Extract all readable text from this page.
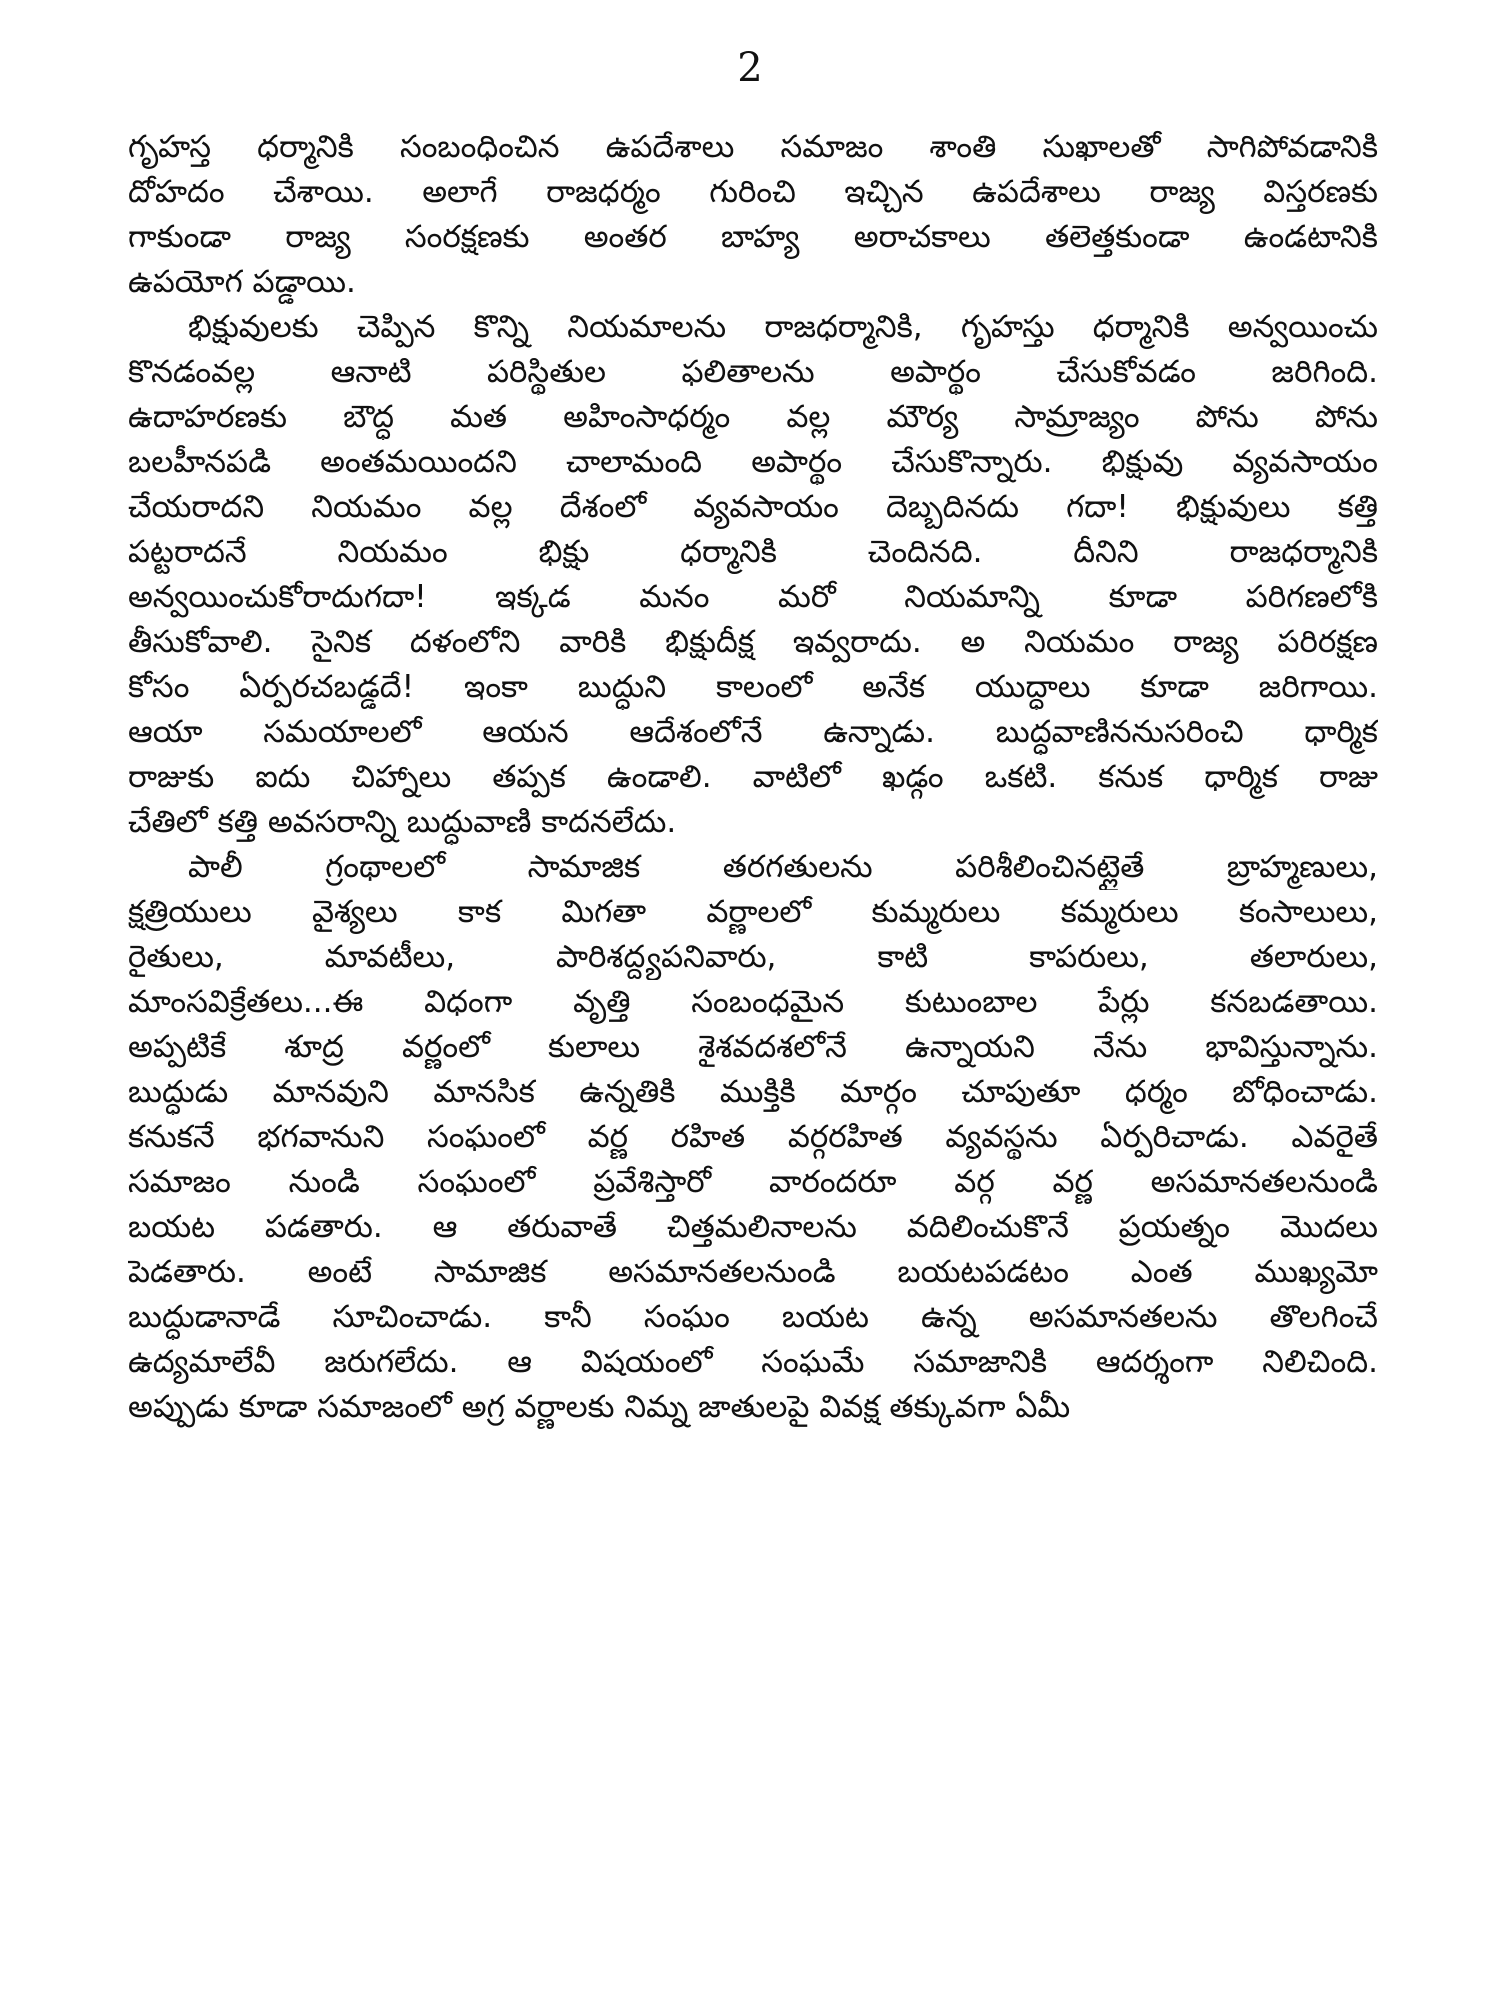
2
గృహస్త ధర్మానికి సంబంధించిన ఉపదేశాలు సమాజం శాంతి సుఖాలతో సాగిపోవడానికి
దోహదం చేశాయి. అలాగే రాజధర్మం గురించి ఇచ్చిన ఉపదేశాలు రాజ్య విస్తరణకు
గాకుండా రాజ్య సంరక్షణకు అంతర బాహ్య అరాచకాలు తలెత్తకుండా ఉండటానికి
ఉపయోగ పడ్డాయి.
భిక్షువులకు చెప్పిన కొన్ని నియమాలను రాజధర్మానికి, గృహస్తు ధర్మానికి అన్వయించు
కొనడంవల్ల ఆనాటి పరిస్థితుల ఫలితాలను అపార్థం చేసుకోవడం జరిగింది.
ఉదాహరణకు బౌద్ధ మత అహింసాధర్మం వల్ల మౌర్య సామ్రాజ్యం పోను పోను
బలహీనపడి అంతమయిందని చాలామంది అపార్థం చేసుకొన్నారు. భిక్షువు వ్యవసాయం
చేయరాదని నియమం వల్ల దేశంలో వ్యవసాయం దెబ్బదినదు గదా! భిక్షువులు కత్తి
పట్టరాదనే నియమం భిక్షు ధర్మానికి చెందినది. దీనిని రాజధర్మానికి
అన్వయించుకోరాదుగదా! ఇక్కడ మనం మరో నియమాన్ని కూడా పరిగణలోకి
తీసుకోవాలి. సైనిక దళంలోని వారికి భిక్షుదీక్ష ఇవ్వరాదు. అ నియమం రాజ్య పరిరక్షణ
కోసం ఏర్పరచబడ్డదే! ఇంకా బుద్ధుని కాలంలో అనేక యుద్ధాలు కూడా జరిగాయి.
ఆయా సమయాలలో ఆయన ఆదేశంలోనే ఉన్నాడు. బుద్ధవాణిననుసరించి ధార్మిక
రాజుకు ఐదు చిహ్నాలు తప్పక ఉండాలి. వాటిలో ఖడ్గం ఒకటి. కనుక ధార్మిక రాజు
చేతిలో కత్తి అవసరాన్ని బుద్ధువాణి కాదనలేదు.
పాలీ గ్రంథాలలో సామాజిక తరగతులను పరిశీలించినట్లైతే బ్రాహ్మణులు,
క్షత్రియులు వైశ్యలు కాక మిగతా వర్ణాలలో కుమ్మరులు కమ్మరులు కంసాలులు,
రైతులు, మావటీలు, పారిశద్ద్యపనివారు, కాటి కాపరులు, తలారులు,
మాంసవిక్రేతలు...ఈ విధంగా వృత్తి సంబంధమైన కుటుంబాల పేర్లు కనబడతాయి.
అప్పటికే శూద్ర వర్ణంలో కులాలు శైశవదశలోనే ఉన్నాయని నేను భావిస్తున్నాను.
బుద్ధుడు మానవుని మానసిక ఉన్నతికి ముక్తికి మార్గం చూపుతూ ధర్మం బోధించాడు.
కనుకనే భగవానుని సంఘంలో వర్ణ రహిత వర్గరహిత వ్యవస్థను ఏర్పరిచాడు. ఎవరైతే
సమాజం నుండి సంఘంలో ప్రవేశిస్తారో వారందరూ వర్గ వర్ణ అసమానతలనుండి
బయట పడతారు. ఆ తరువాతే చిత్తమలినాలను వదిలించుకొనే ప్రయత్నం మొదలు
పెడతారు. అంటే సామాజిక అసమానతలనుండి బయటపడటం ఎంత ముఖ్యమో
బుద్ధుడానాడే సూచించాడు. కానీ సంఘం బయట ఉన్న అసమానతలను తొలగించే
ఉద్యమాలేవీ జరుగలేదు. ఆ విషయంలో సంఘమే సమాజానికి ఆదర్శంగా నిలిచింది.
అప్పుడు కూడా సమాజంలో అగ్ర వర్ణాలకు నిమ్న జాతులపై వివక్ష తక్కువగా ఏమీ
